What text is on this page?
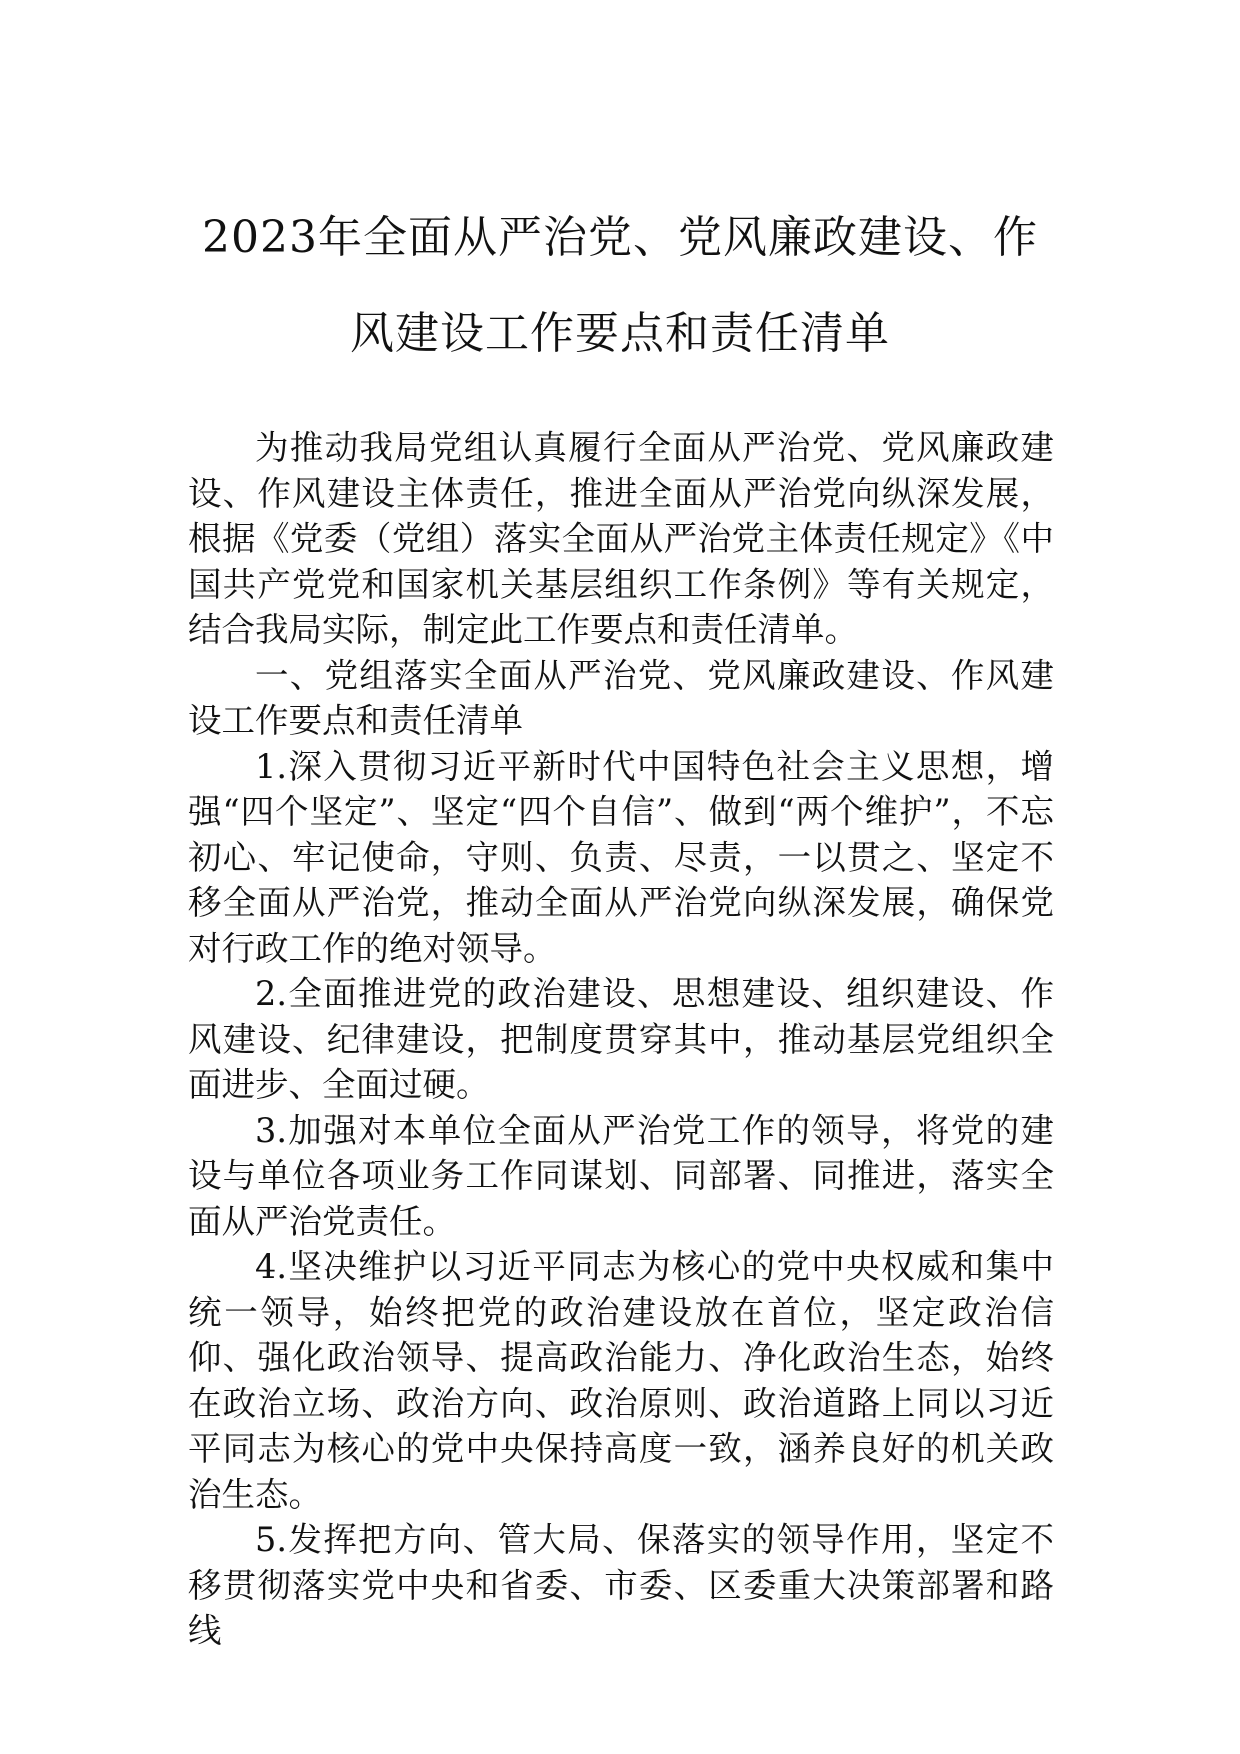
2023年全面从严治党、党风廉政建设、作
风建设工作要点和责任清单

为推动我局党组认真履行全面从严治党、党风廉政建设、作风建设主体责任，推进全面从严治党向纵深发展，根据《党委（党组）落实全面从严治党主体责任规定》《中国共产党党和国家机关基层组织工作条例》等有关规定，结合我局实际，制定此工作要点和责任清单。

一、党组落实全面从严治党、党风廉政建设、作风建设工作要点和责任清单

1.深入贯彻习近平新时代中国特色社会主义思想，增强“四个坚定”、坚定“四个自信”、做到“两个维护”，不忘初心、牢记使命，守则、负责、尽责，一以贯之、坚定不移全面从严治党，推动全面从严治党向纵深发展，确保党对行政工作的绝对领导。

2.全面推进党的政治建设、思想建设、组织建设、作风建设、纪律建设，把制度贯穿其中，推动基层党组织全面进步、全面过硬。

3.加强对本单位全面从严治党工作的领导，将党的建设与单位各项业务工作同谋划、同部署、同推进，落实全面从严治党责任。

4.坚决维护以习近平同志为核心的党中央权威和集中统一领导，始终把党的政治建设放在首位，坚定政治信仰、强化政治领导、提高政治能力、净化政治生态，始终在政治立场、政治方向、政治原则、政治道路上同以习近平同志为核心的党中央保持高度一致，涵养良好的机关政治生态。

5.发挥把方向、管大局、保落实的领导作用，坚定不移贯彻落实党中央和省委、市委、区委重大决策部署和路线
